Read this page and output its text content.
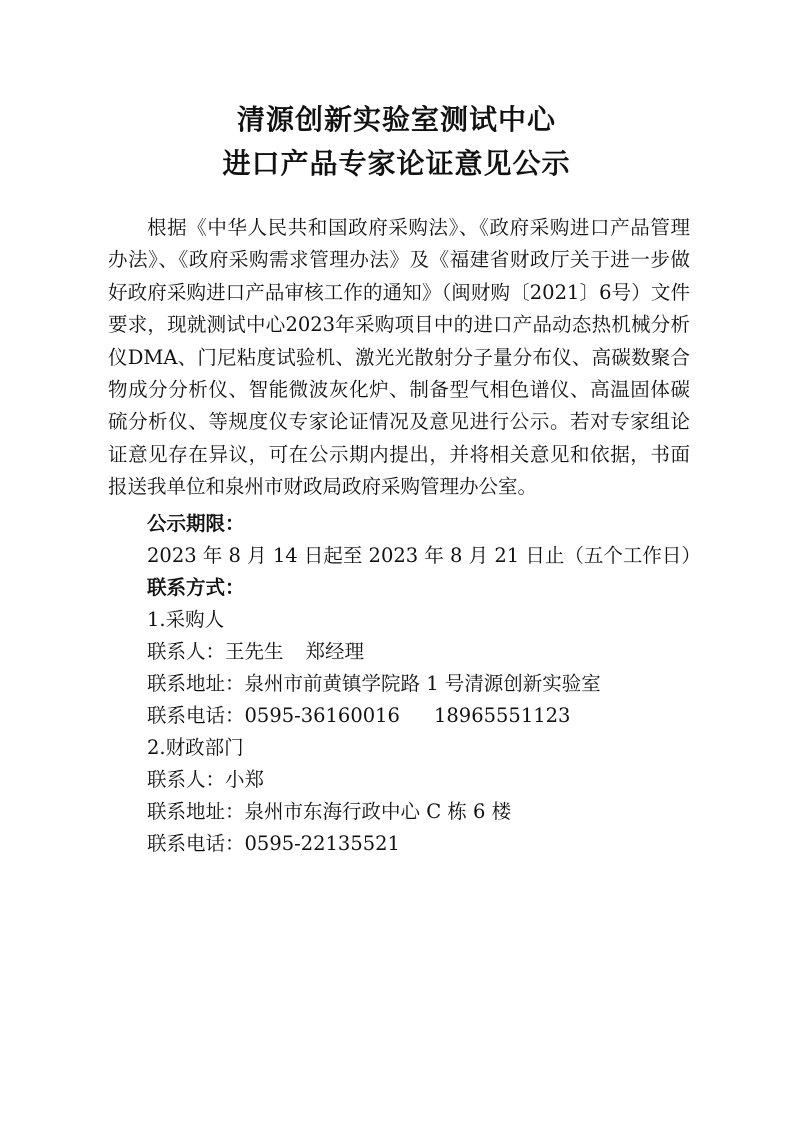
清源创新实验室测试中心
进口产品专家论证意见公示

根据《中华人民共和国政府采购法》、《政府采购进口产品管理办法》、《政府采购需求管理办法》及《福建省财政厅关于进一步做好政府采购进口产品审核工作的通知》（闽财购〔2021〕6号）文件要求，现就测试中心2023年采购项目中的进口产品动态热机械分析仪DMA、门尼粘度试验机、激光光散射分子量分布仪、高碳数聚合物成分分析仪、智能微波灰化炉、制备型气相色谱仪、高温固体碳硫分析仪、等规度仪专家论证情况及意见进行公示。若对专家组论证意见存在异议，可在公示期内提出，并将相关意见和依据，书面报送我单位和泉州市财政局政府采购管理办公室。

公示期限：
2023 年 8 月 14 日起至 2023 年 8 月 21 日止（五个工作日）
联系方式：
1.采购人
联系人：王先生 郑经理
联系地址：泉州市前黄镇学院路 1 号清源创新实验室
联系电话：0595-36160016 18965551123
2.财政部门
联系人：小郑
联系地址：泉州市东海行政中心 C 栋 6 楼
联系电话：0595-22135521
